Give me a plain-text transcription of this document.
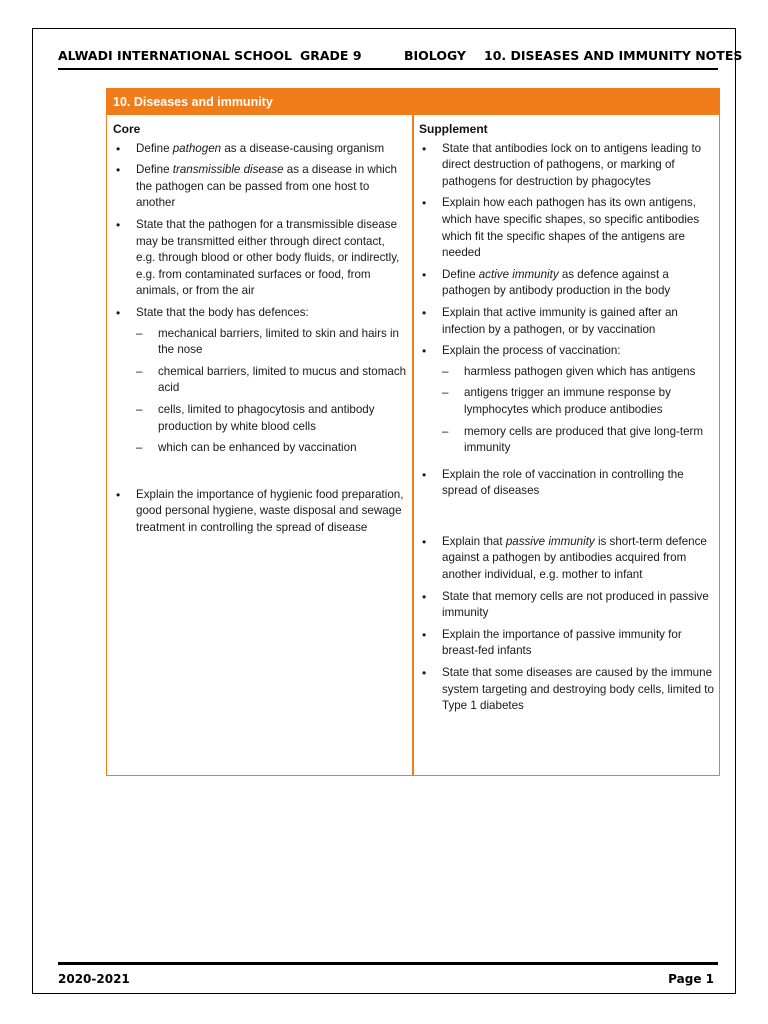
ALWADI INTERNATIONAL SCHOOL GRADE 9	BIOLOGY 10. DISEASES AND IMMUNITY NOTES
10. Diseases and immunity
Core
• Define pathogen as a disease-causing organism
• Define transmissible disease as a disease in which the pathogen can be passed from one host to another
• State that the pathogen for a transmissible disease may be transmitted either through direct contact, e.g. through blood or other body fluids, or indirectly, e.g. from contaminated surfaces or food, from animals, or from the air
• State that the body has defences:
– mechanical barriers, limited to skin and hairs in the nose
– chemical barriers, limited to mucus and stomach acid
– cells, limited to phagocytosis and antibody production by white blood cells
– which can be enhanced by vaccination
• Explain the importance of hygienic food preparation, good personal hygiene, waste disposal and sewage treatment in controlling the spread of disease
Supplement
• State that antibodies lock on to antigens leading to direct destruction of pathogens, or marking of pathogens for destruction by phagocytes
• Explain how each pathogen has its own antigens, which have specific shapes, so specific antibodies which fit the specific shapes of the antigens are needed
• Define active immunity as defence against a pathogen by antibody production in the body
• Explain that active immunity is gained after an infection by a pathogen, or by vaccination
• Explain the process of vaccination:
– harmless pathogen given which has antigens
– antigens trigger an immune response by lymphocytes which produce antibodies
– memory cells are produced that give long-term immunity
• Explain the role of vaccination in controlling the spread of diseases
• Explain that passive immunity is short-term defence against a pathogen by antibodies acquired from another individual, e.g. mother to infant
• State that memory cells are not produced in passive immunity
• Explain the importance of passive immunity for breast-fed infants
• State that some diseases are caused by the immune system targeting and destroying body cells, limited to Type 1 diabetes
2020-2021	Page 1
